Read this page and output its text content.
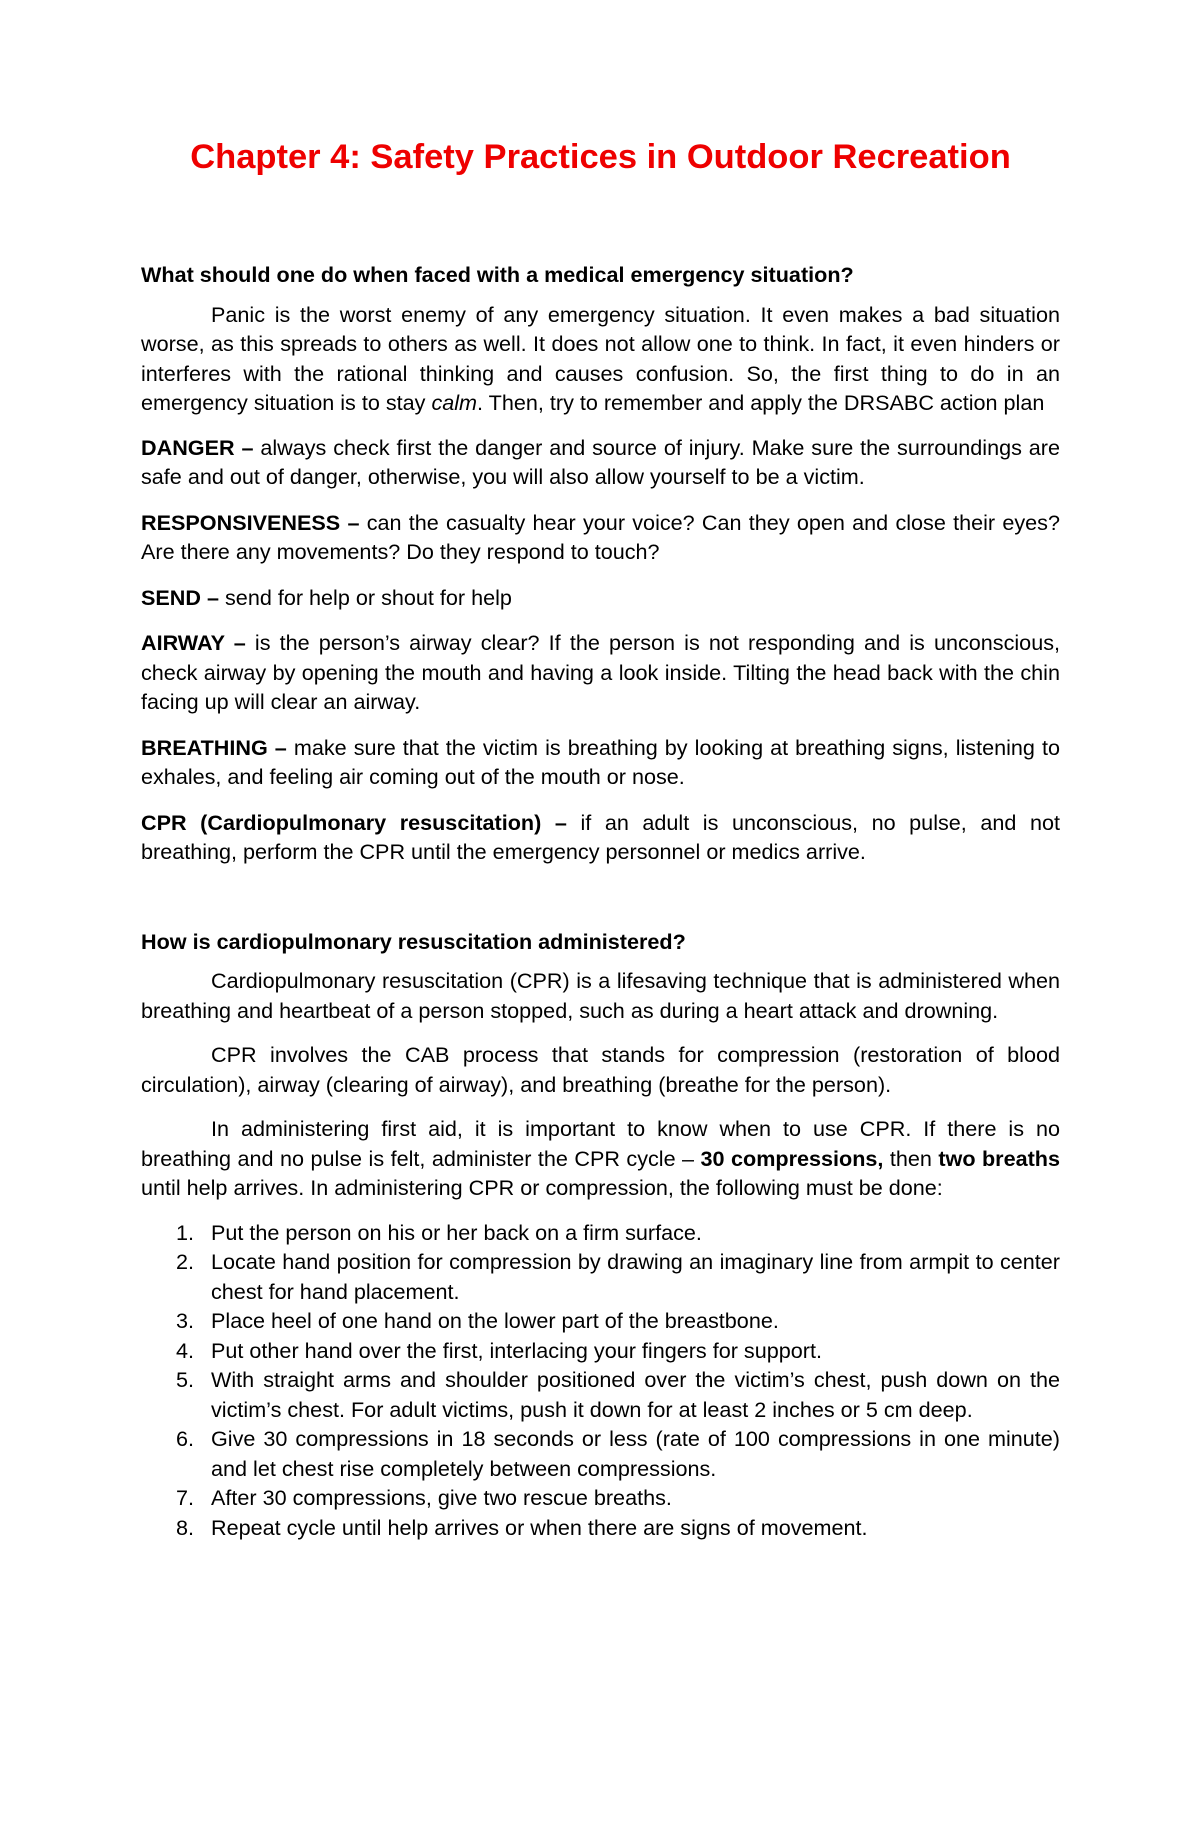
Chapter 4: Safety Practices in Outdoor Recreation

What should one do when faced with a medical emergency situation?

Panic is the worst enemy of any emergency situation. It even makes a bad situation worse, as this spreads to others as well. It does not allow one to think. In fact, it even hinders or interferes with the rational thinking and causes confusion. So, the first thing to do in an emergency situation is to stay calm. Then, try to remember and apply the DRSABC action plan

DANGER – always check first the danger and source of injury. Make sure the surroundings are safe and out of danger, otherwise, you will also allow yourself to be a victim.

RESPONSIVENESS – can the casualty hear your voice? Can they open and close their eyes? Are there any movements? Do they respond to touch?

SEND – send for help or shout for help

AIRWAY – is the person’s airway clear? If the person is not responding and is unconscious, check airway by opening the mouth and having a look inside. Tilting the head back with the chin facing up will clear an airway.

BREATHING – make sure that the victim is breathing by looking at breathing signs, listening to exhales, and feeling air coming out of the mouth or nose.

CPR (Cardiopulmonary resuscitation) – if an adult is unconscious, no pulse, and not breathing, perform the CPR until the emergency personnel or medics arrive.

How is cardiopulmonary resuscitation administered?

Cardiopulmonary resuscitation (CPR) is a lifesaving technique that is administered when breathing and heartbeat of a person stopped, such as during a heart attack and drowning.

CPR involves the CAB process that stands for compression (restoration of blood circulation), airway (clearing of airway), and breathing (breathe for the person).

In administering first aid, it is important to know when to use CPR. If there is no breathing and no pulse is felt, administer the CPR cycle – 30 compressions, then two breaths until help arrives. In administering CPR or compression, the following must be done:

1. Put the person on his or her back on a firm surface.
2. Locate hand position for compression by drawing an imaginary line from armpit to center chest for hand placement.
3. Place heel of one hand on the lower part of the breastbone.
4. Put other hand over the first, interlacing your fingers for support.
5. With straight arms and shoulder positioned over the victim’s chest, push down on the victim’s chest. For adult victims, push it down for at least 2 inches or 5 cm deep.
6. Give 30 compressions in 18 seconds or less (rate of 100 compressions in one minute) and let chest rise completely between compressions.
7. After 30 compressions, give two rescue breaths.
8. Repeat cycle until help arrives or when there are signs of movement.
